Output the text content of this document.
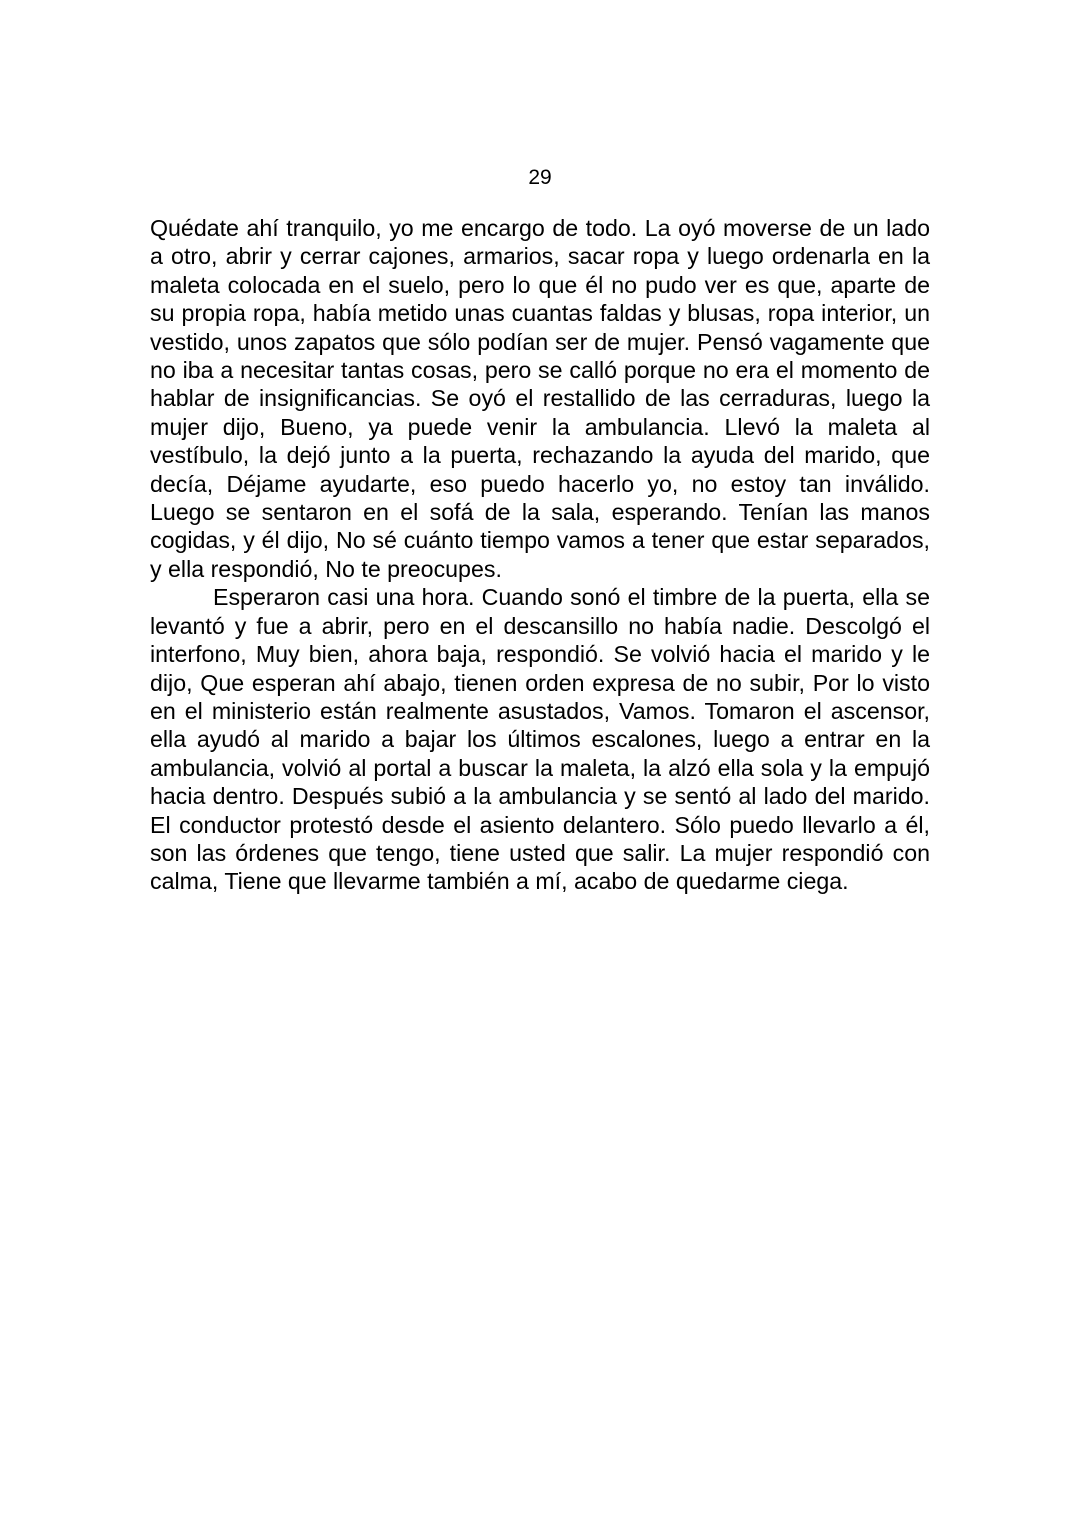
29

Quédate ahí tranquilo, yo me encargo de todo. La oyó moverse de un lado a otro, abrir y cerrar cajones, armarios, sacar ropa y luego ordenarla en la maleta colocada en el suelo, pero lo que él no pudo ver es que, aparte de su propia ropa, había metido unas cuantas faldas y blusas, ropa interior, un vestido, unos zapatos que sólo podían ser de mujer. Pensó vagamente que no iba a necesitar tantas cosas, pero se calló porque no era el momento de hablar de insignificancias. Se oyó el restallido de las cerraduras, luego la mujer dijo, Bueno, ya puede venir la ambulancia. Llevó la maleta al vestíbulo, la dejó junto a la puerta, rechazando la ayuda del marido, que decía, Déjame ayudarte, eso puedo hacerlo yo, no estoy tan inválido. Luego se sentaron en el sofá de la sala, esperando. Tenían las manos cogidas, y él dijo, No sé cuánto tiempo vamos a tener que estar separados, y ella respondió, No te preocupes.

Esperaron casi una hora. Cuando sonó el timbre de la puerta, ella se levantó y fue a abrir, pero en el descansillo no había nadie. Descolgó el interfono, Muy bien, ahora baja, respondió. Se volvió hacia el marido y le dijo, Que esperan ahí abajo, tienen orden expresa de no subir, Por lo visto en el ministerio están realmente asustados, Vamos. Tomaron el ascensor, ella ayudó al marido a bajar los últimos escalones, luego a entrar en la ambulancia, volvió al portal a buscar la maleta, la alzó ella sola y la empujó hacia dentro. Después subió a la ambulancia y se sentó al lado del marido. El conductor protestó desde el asiento delantero. Sólo puedo llevarlo a él, son las órdenes que tengo, tiene usted que salir. La mujer respondió con calma, Tiene que llevarme también a mí, acabo de quedarme ciega.
